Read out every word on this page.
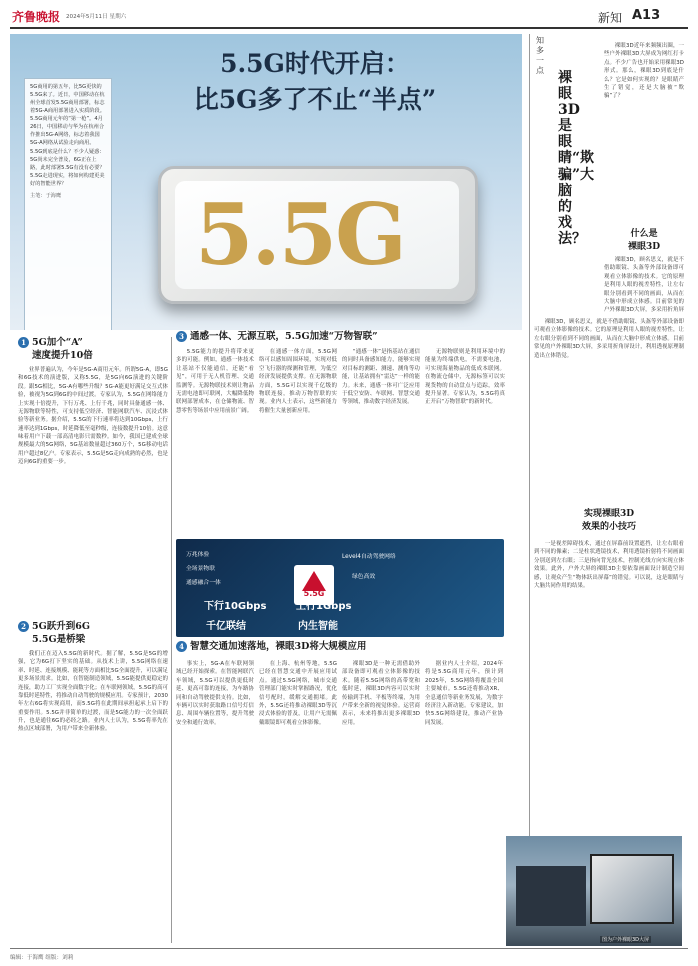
齐鲁晚报 2024年5月11日 星期六	新知 A13
5.5G时代开启：
比5G多了不止“半点”
5.5G
5G商用的第五年，比5G更快的5.5G来了。近日，中国移动在杭州全球首发5.5G商用部署，标志着5G-A商用部署进入实质阶段。5.5G商用元年的“第一枪”。4月26日，中国移动与华为在杭州合作推出5G-A网络，标志着我国5G-A网络从试验走向商用。5.5G到底是什么？不少人疑惑：5G尚未完全普及，6G正在上路，此时部署5.5G有没有必要？5.5G走进现实，将如何构建更美好的智能世界？
主笔：于海鹰
1 5G加个“A”
速度提升10倍

业界普遍认为，今年是5G-A商用元年。所谓5G-A，即5G和6G技术的演进版，又称5.5G，是5G向6G演进的关键阶段。跟5G相比，5G-A有哪些升级？5G-A能更好满足交互式体验，被视为5G到6G的中间过渡。专家认为，5.5G在网络能力上实现十倍提升，下行万兆、上行千兆，同时具备通感一体、无源物联等特性，可支持低空经济、智能网联汽车、沉浸式体验等新业务。据介绍，5.5G的下行速率将达到10Gbps，上行速率达到1Gbps，时延降低至毫秒级，连接数提升10倍。这意味着用户下载一部高清电影只需数秒。如今，我国已建成全球规模最大的5G网络，5G基站数量超过360万个，5G移动电话用户超过8亿户。专家表示，5.5G是5G走向成熟的必然，也是迈向6G的重要一步。

2 5G跃升到6G
5.5G是桥梁

我们正在迈入5.5G的新时代。据了解，5.5G是5G的增强，它为6G打下坚实的基础。从技术上讲，5.5G网络在速率、时延、连接规模、能耗等方面相比5G全面提升，可以满足更多场景需求。比如，在智能制造领域，5.5G能提供更稳定的连接，助力工厂实现全面数字化；在车联网领域，5.5G的高可靠低时延特性，将推动自动驾驶的规模应用。专家预计，2030年左右6G将实现商用，而5.5G将在此期间承担起承上启下的重要作用。5.5G并非简单的过渡，而是5G能力的一次全面跃升，也是通往6G的必经之路。业内人士认为，5.5G将率先在热点区域部署，为用户带来全新体验。

3 通感一体、无源互联，5.5G加速“万物智联”

5.5G能力的提升将带来更多的可能。例如，通感一体技术让基站不仅能通信，还能“看见”，可用于无人机管理、交通监测等。无源物联技术则让物品无需电池即可联网，大幅降低物联网部署成本，在仓储物流、智慧零售等场景中应用前景广阔。

在通感一体方面，5.5G网络可以感知周围环境，实现对低空飞行器的探测和管理，为低空经济发展提供支撑。在无源物联方面，5.5G可以实现千亿级的物联连接，推动万物智联的实现。业内人士表示，这些新能力将催生大量创新应用。

“通感一体”是指基站在通信的同时具备感知能力，能够实现对目标的测距、测速、测角等功能，让基站拥有“雷达”一样的能力。未来，通感一体可广泛应用于低空安防、车联网、智慧交通等领域，推动数字经济发展。

无源物联则是利用环境中的能量为终端供电，不需要电池，可实现海量物品的低成本联网。在物流仓储中，无源标签可以实现货物的自动盘点与追踪，效率提升显著。专家认为，5.5G将真正开启“万物智联”的新时代。

万兆体验
全场景物联
通感融合一体
Level4自动驾驶网络
绿色高效
5.5G
下行10Gbps	上行1Gbps
千亿联结	内生智能
4 智慧交通加速落地，裸眼3D将大规模应用

事实上，5G-A在车联网领域已经开始探索。在智能网联汽车领域，5.5G可以提供更低时延、更高可靠的连接，为车路协同和自动驾驶提供支持。比如，车辆可以实时获取路口信号灯信息、周围车辆位置等，提升驾驶安全和通行效率。

在上海、杭州等地，5.5G已经在智慧交通中开展应用试点。通过5.5G网络，城市交通管理部门能实时掌握路况，优化信号配时，缓解交通拥堵。此外，5.5G还将推动裸眼3D等沉浸式体验的普及，让用户无需佩戴眼镜即可观看立体影像。

裸眼3D是一种无需借助外部设备即可观看立体影像的技术。随着5.5G网络的高带宽和低时延，裸眼3D内容可以实时传输到手机、平板等终端，为用户带来全新的视觉体验。运营商表示，未来将推出更多裸眼3D应用。

据业内人士介绍，2024年将是5.5G商用元年，预计到2025年，5.5G网络将覆盖全国主要城市。5.5G还将推动XR、全息通信等新业务发展，为数字经济注入新动能。专家建议，加快5.5G网络建设，推动产业协同发展。

知多一点 裸眼3D是眼睛“欺骗”大脑的戏法？

裸眼3D近年来频频出圈，一些户外裸眼3D大屏成为网红打卡点。不少广告也开始采用裸眼3D形式。那么，裸眼3D到底是什么？它是如何实现的？是眼睛产生了错觉，还是大脑被“欺骗”了？

什么是
裸眼3D

裸眼3D，顾名思义，就是不借助眼镜、头盔等外部设备即可观看立体影像的技术。它的原理是利用人眼的视差特性，让左右眼分别看到不同的画面，从而在大脑中形成立体感。目前常见的户外裸眼3D大屏，多采用折角屏

裸眼3D，顾名思义，就是不借助眼镜、头盔等外部设备即可观看立体影像的技术。它的原理是利用人眼的视差特性，让左右眼分别看到不同的画面，从而在大脑中形成立体感。目前常见的户外裸眼3D大屏，多采用折角屏设计，利用透视原理制造出立体错觉。

实现裸眼3D
效果的小技巧

一是视差障碍技术，通过在屏幕前设置遮挡，让左右眼看到不同的像素；二是柱状透镜技术，利用透镜折射将不同画面分别送到左右眼；三是指向背光技术，控制光线方向实现立体效果。此外，户外大屏的裸眼3D主要依靠画面设计制造空间感，让观众产生“物体跃出屏幕”的错觉。可以说，这是眼睛与大脑共同作用的结果。

图为户外裸眼3D大屏
编辑：于海鹰 组版：刘莉
